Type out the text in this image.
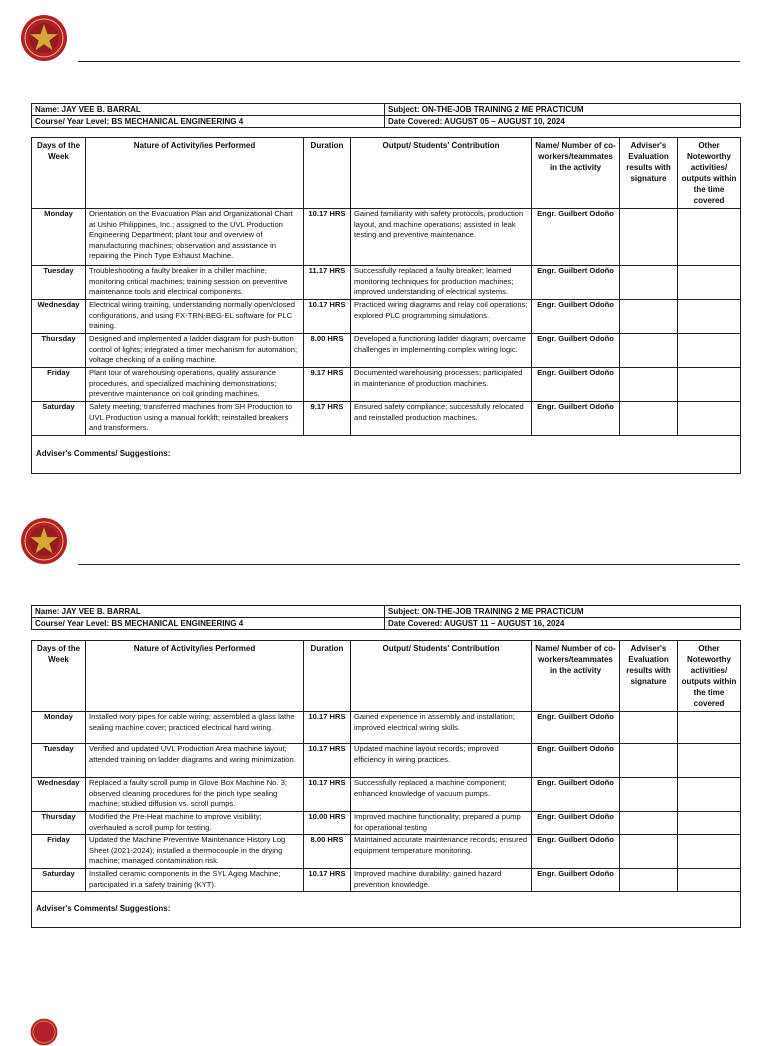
Name: JAY VEE B. BARRAL	Subject: ON-THE-JOB TRAINING 2 ME PRACTICUM
Course/ Year Level: BS MECHANICAL ENGINEERING 4	Date Covered: AUGUST 05 – AUGUST 10, 2024
Days of the Week	Nature of Activity/ies Performed	Duration	Output/ Students' Contribution	Name/ Number of co-workers/teammates in the activity	Adviser's Evaluation results with signature	Other Noteworthy activities/ outputs within the time covered
Monday	Orientation on the Evacuation Plan and Organizational Chart at Ushio Philippines, Inc.; assigned to the UVL Production Engineering Department; plant tour and overview of manufacturing machines; observation and assistance in repairing the Pinch Type Exhaust Machine.	10.17 HRS	Gained familiarity with safety protocols, production layout, and machine operations; assisted in leak testing and preventive maintenance.	Engr. Guilbert Odoño		
Tuesday	Troubleshooting a faulty breaker in a chiller machine; monitoring critical machines; training session on preventive maintenance tools and electrical components.	11.17 HRS	Successfully replaced a faulty breaker; learned monitoring techniques for production machines; improved understanding of electrical systems.	Engr. Guilbert Odoño		
Wednesday	Electrical wiring training, understanding normally open/closed configurations, and using FX-TRN-BEG-EL software for PLC training.	10.17 HRS	Practiced wiring diagrams and relay coil operations; explored PLC programming simulations.	Engr. Guilbert Odoño		
Thursday	Designed and implemented a ladder diagram for push-button control of lights; integrated a timer mechanism for automation; voltage checking of a coiling machine.	8.00 HRS	Developed a functioning ladder diagram; overcame challenges in implementing complex wiring logic.	Engr. Guilbert Odoño		
Friday	Plant tour of warehousing operations, quality assurance procedures, and specialized machining demonstrations; preventive maintenance on coil grinding machines.	9.17 HRS	Documented warehousing processes; participated in maintenance of production machines.	Engr. Guilbert Odoño		
Saturday	Safety meeting; transferred machines from SH Production to UVL Production using a manual forklift; reinstalled breakers and transformers.	9.17 HRS	Ensured safety compliance; successfully relocated and reinstalled production machines.	Engr. Guilbert Odoño		
Adviser's Comments/ Suggestions:						
Name: JAY VEE B. BARRAL	Subject: ON-THE-JOB TRAINING 2 ME PRACTICUM
Course/ Year Level: BS MECHANICAL ENGINEERING 4	Date Covered: AUGUST 11 – AUGUST 16, 2024
Days of the Week	Nature of Activity/ies Performed	Duration	Output/ Students' Contribution	Name/ Number of co-workers/teammates in the activity	Adviser's Evaluation results with signature	Other Noteworthy activities/ outputs within the time covered
Monday	Installed ivory pipes for cable wiring; assembled a glass lathe sealing machine cover; practiced electrical hard wiring.	10.17 HRS	Gained experience in assembly and installation; improved electrical wiring skills.	Engr. Guilbert Odoño		
Tuesday	Verified and updated UVL Production Area machine layout; attended training on ladder diagrams and wiring minimization.	10.17 HRS	Updated machine layout records; improved efficiency in wiring practices.	Engr. Guilbert Odoño		
Wednesday	Replaced a faulty scroll pump in Glove Box Machine No. 3; observed cleaning procedures for the pinch type sealing machine; studied diffusion vs. scroll pumps.	10.17 HRS	Successfully replaced a machine component; enhanced knowledge of vacuum pumps.	Engr. Guilbert Odoño		
Thursday	Modified the Pre-Heat machine to improve visibility; overhauled a scroll pump for testing.	10.00 HRS	Improved machine functionality; prepared a pump for operational testing	Engr. Guilbert Odoño		
Friday	Updated the Machine Preventive Maintenance History Log Sheet (2021-2024); installed a thermocouple in the drying machine; managed contamination risk.	8.00 HRS	Maintained accurate maintenance records; ensured equipment temperature monitoring.	Engr. Guilbert Odoño		
Saturday	Installed ceramic components in the SYL Aging Machine; participated in a safety training (KYT).	10.17 HRS	Improved machine durability; gained hazard prevention knowledge.	Engr. Guilbert Odoño		
Adviser's Comments/ Suggestions:						
